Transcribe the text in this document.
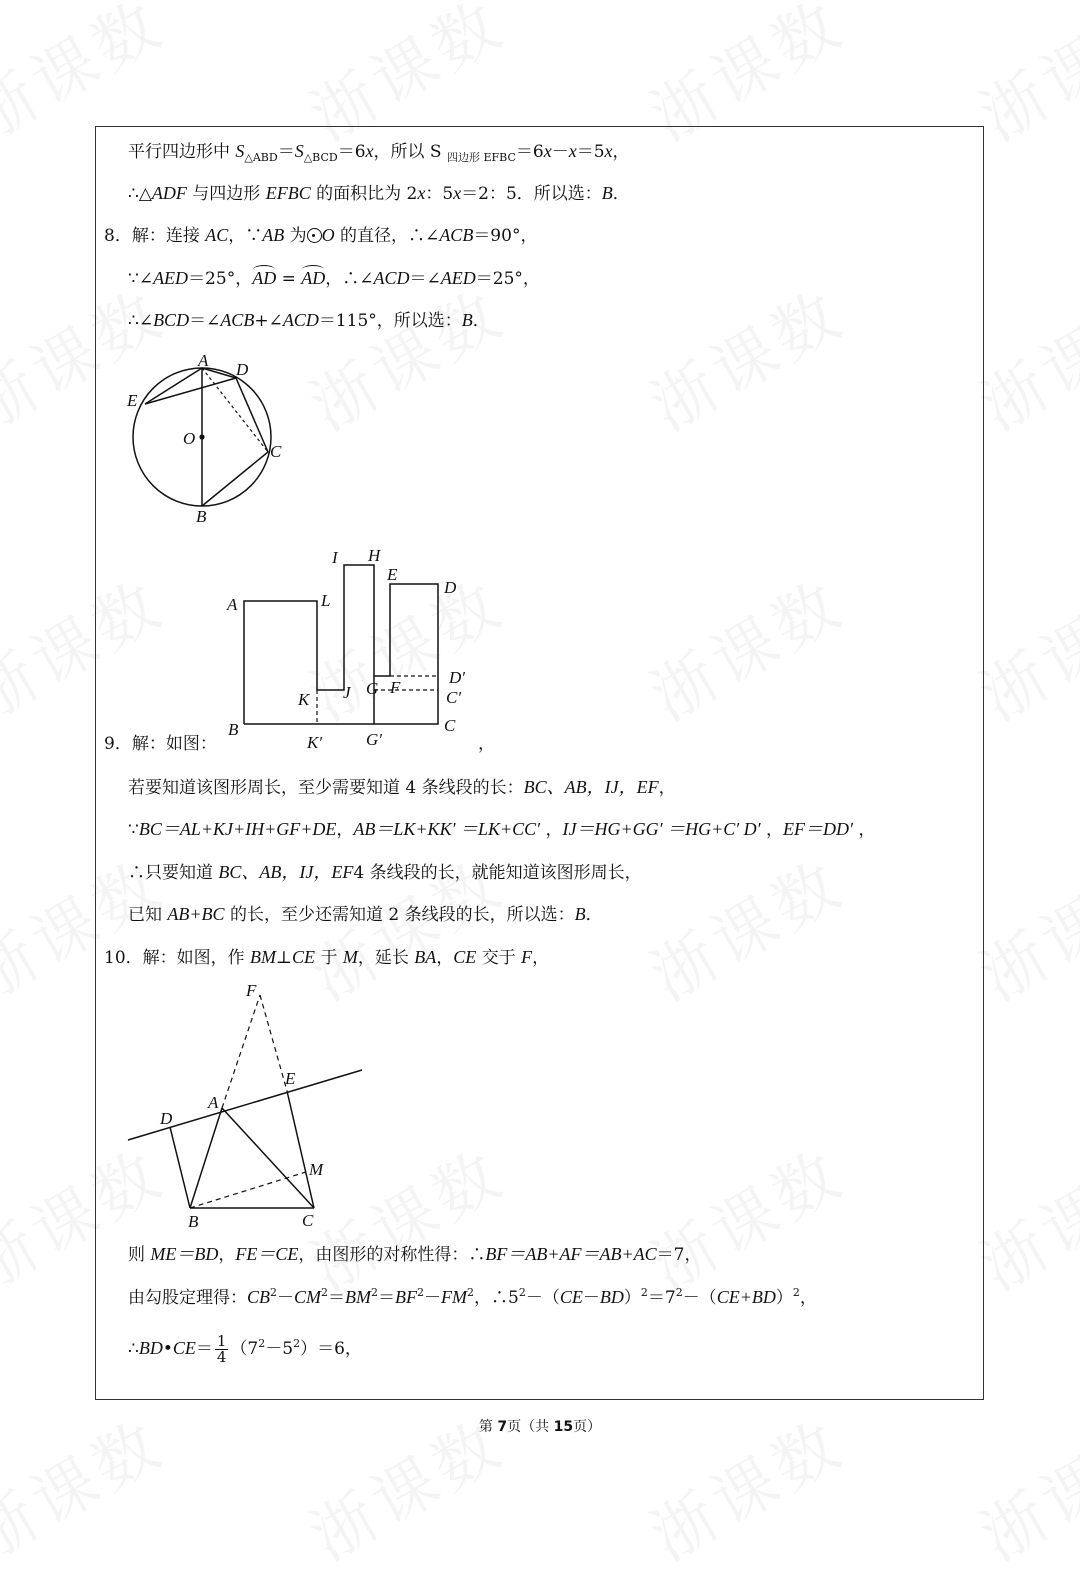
平行四边形中 $S_{\triangle ABD}=S_{\triangle BCD}=6x$，所以 S $_{四边形 EFBC}$＝6x－x＝5x，
∴△ADF 与四边形 EFBC 的面积比为 2x：5x＝2：5．所以选：B．
8．解：连接 AC，∵AB 为 O 的直径，∴∠ACB＝90°，
∵∠AED＝25°，AD = AD，∴∠ACD＝∠AED＝25°，
∴∠BCD＝∠ACB+∠ACD＝115°，所以选：B．
A D
E
O
C
B
I H
E
D
A	L
D′
K J G F
C′
B	C
K′	G′
9．解：如图：	，
若要知道该图形周长，至少需要知道 4 条线段的长：BC、AB，IJ，EF，
∵BC＝AL+KJ+IH+GF+DE，AB＝LK+KK′ ＝LK+CC′ ，IJ＝HG+GG′ ＝HG+C′ D′ ，EF＝DD′ ，
∴只要知道 BC、AB，IJ，EF4 条线段的长，就能知道该图形周长，
已知 AB+BC 的长，至少还需知道 2 条线段的长，所以选：B．
10．解：如图，作 BM⊥CE 于 M，延长 BA，CE 交于 F，
F
E
D
A
M
B	C
则 ME＝BD，FE＝CE，由图形的对称性得：∴BF＝AB+AF＝AB+AC＝7，
由勾股定理得：$CB^2-CM^2=BM^2=BF^2-FM^2$，$\therefore 5^2-(CE-BD)^2=7^2-(CE+BD)^2$，
∴BD•CE＝ $\frac{1}{4} (7^2-5^2)=6$，
第 7页（共 15页）
